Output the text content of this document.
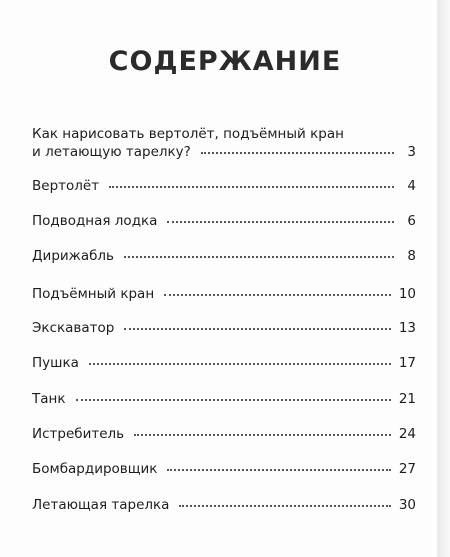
СОДЕРЖАНИЕ
Как нарисовать вертолёт, подъёмный кран
и летающую тарелку?	3
Вертолёт	4
Подводная лодка	6
Дирижабль	8
Подъёмный кран	10
Экскаватор	13
Пушка	17
Танк	21
Истребитель	24
Бомбардировщик	27
Летающая тарелка	30
